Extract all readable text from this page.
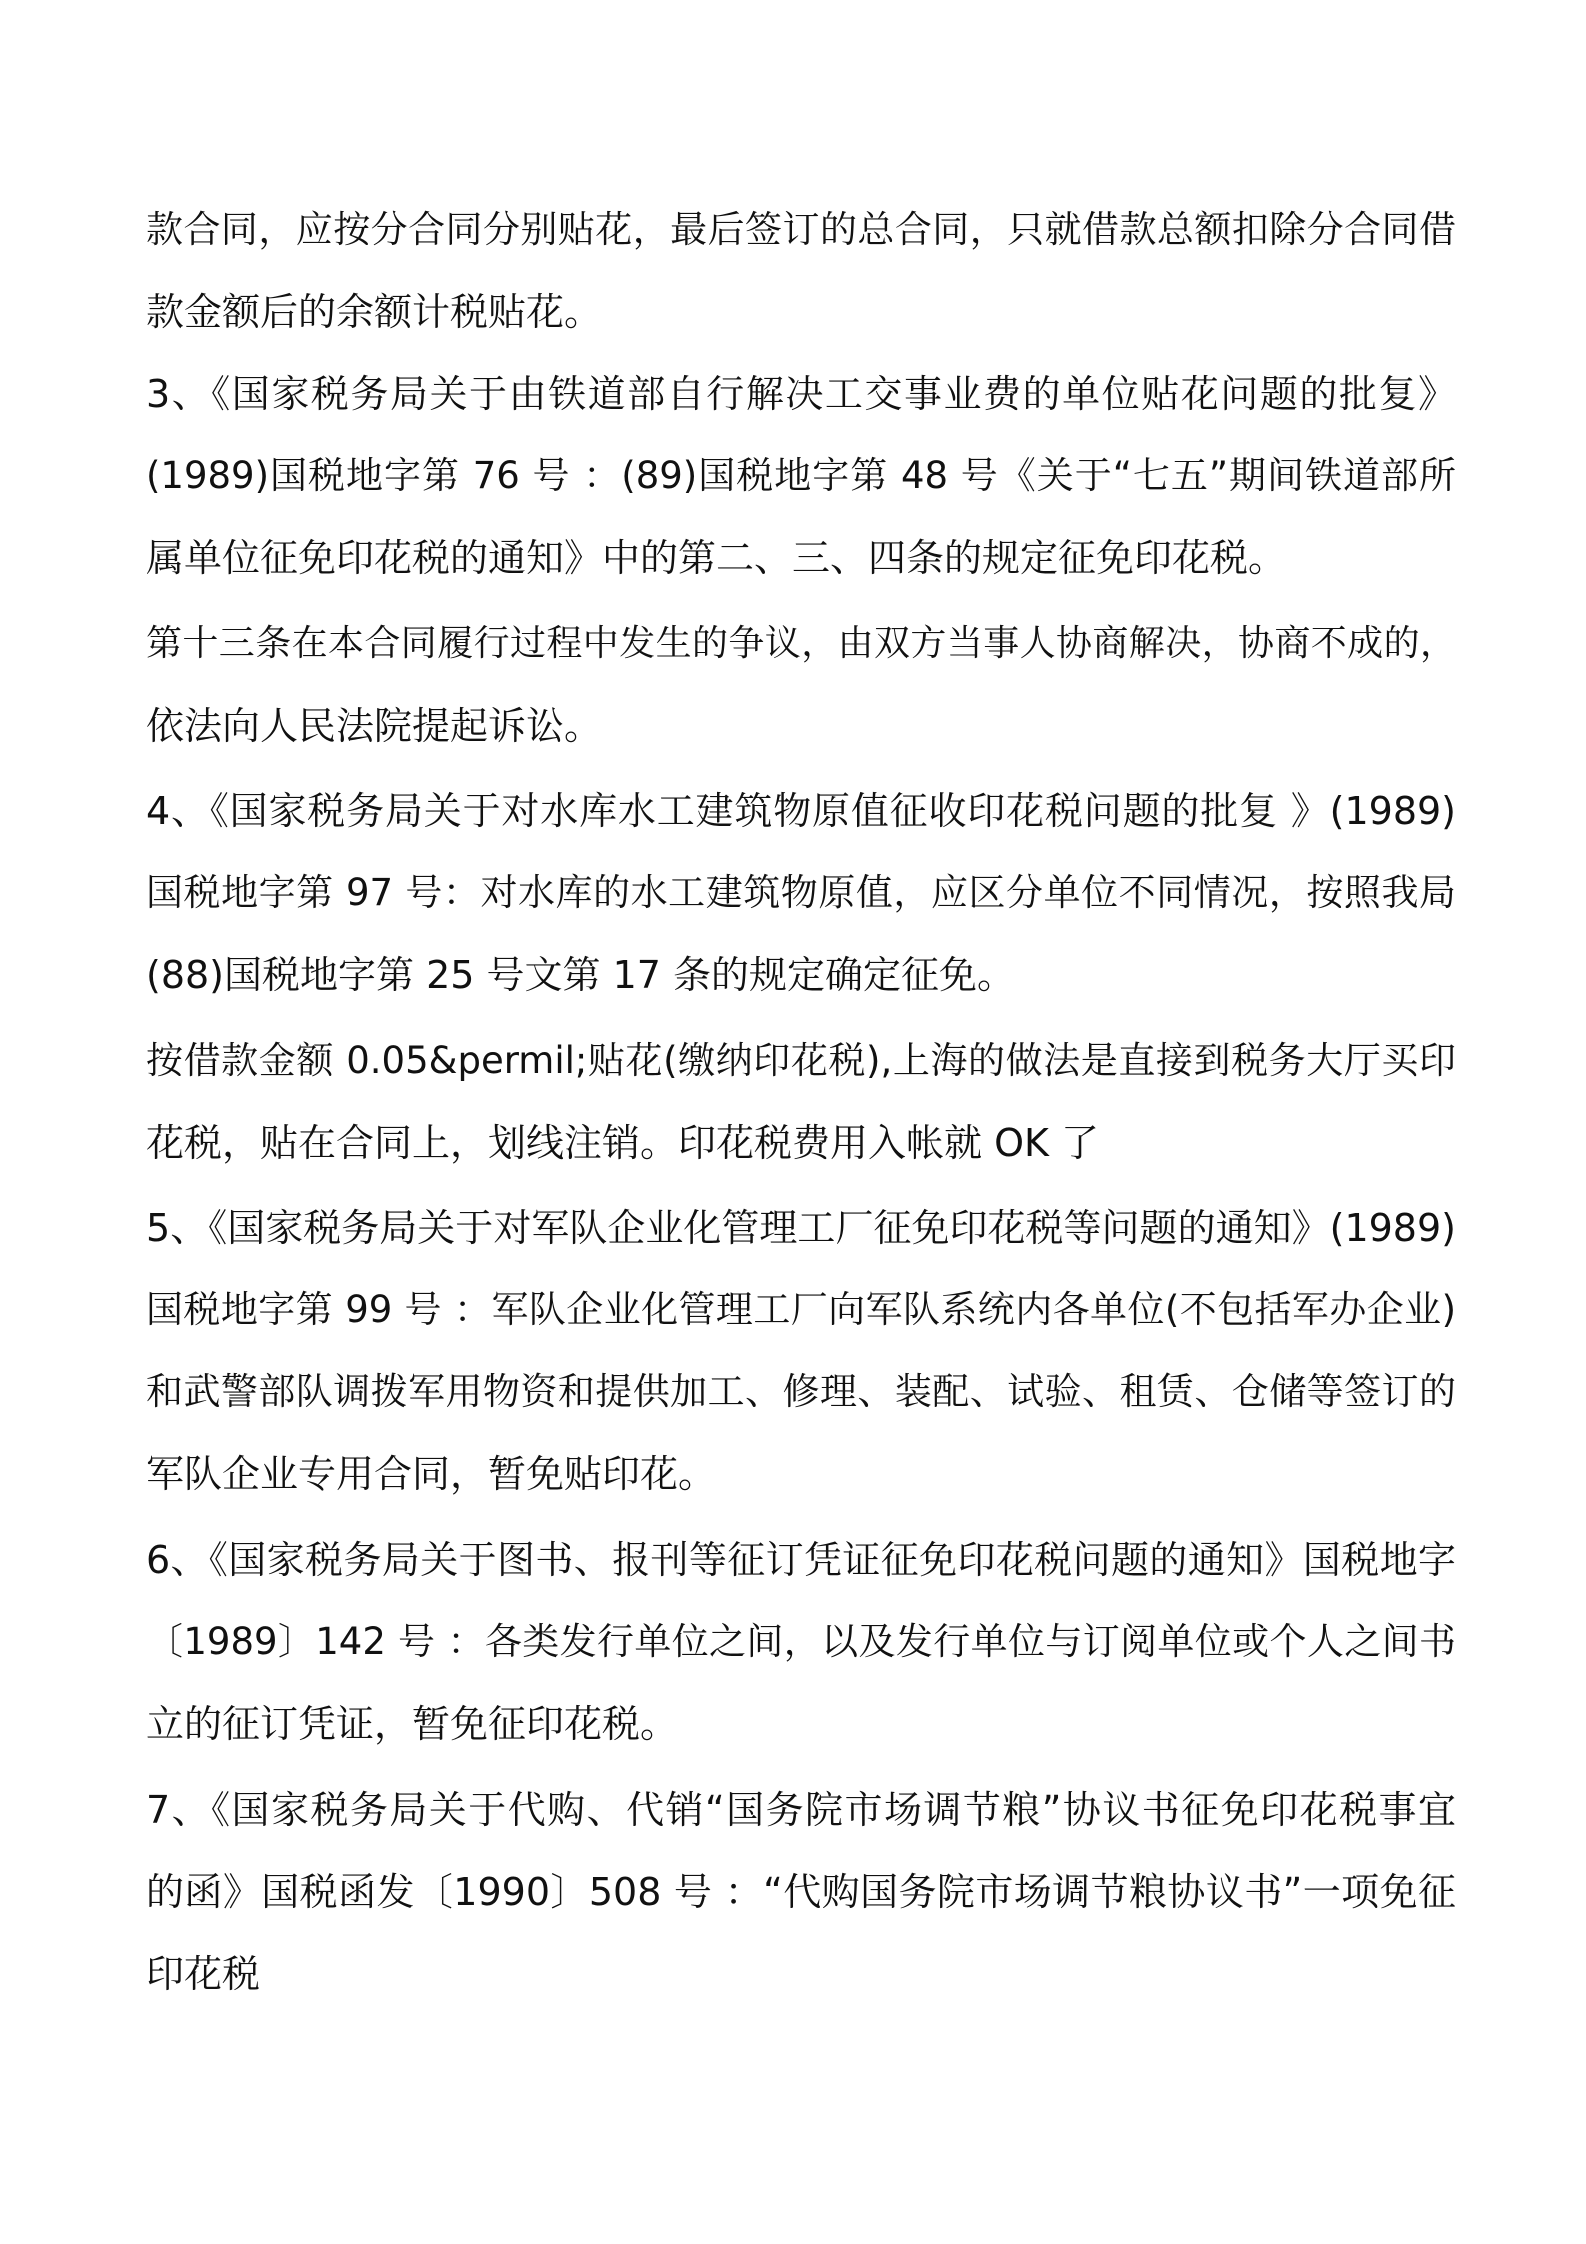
款合同，应按分合同分别贴花，最后签订的总合同，只就借款总额扣除分合同借

款金额后的余额计税贴花。

3、《国家税务局关于由铁道部自行解决工交事业费的单位贴花问题的批复》

(1989)国税地字第 76 号 ：(89)国税地字第 48 号《关于“七五”期间铁道部所

属单位征免印花税的通知》中的第二、三、四条的规定征免印花税。

第十三条在本合同履行过程中发生的争议，由双方当事人协商解决，协商不成的，

依法向人民法院提起诉讼。

4、《国家税务局关于对水库水工建筑物原值征收印花税问题的批复 》(1989)

国税地字第 97 号：对水库的水工建筑物原值，应区分单位不同情况，按照我局

(88)国税地字第 25 号文第 17 条的规定确定征免。

按借款金额 0.05&permil;贴花(缴纳印花税),上海的做法是直接到税务大厅买印

花税，贴在合同上，划线注销。印花税费用入帐就 OK 了

5、《国家税务局关于对军队企业化管理工厂征免印花税等问题的通知》(1989)

国税地字第 99 号 ：军队企业化管理工厂向军队系统内各单位(不包括军办企业)

和武警部队调拨军用物资和提供加工、修理、装配、试验、租赁、仓储等签订的

军队企业专用合同，暂免贴印花。

6、《国家税务局关于图书、报刊等征订凭证征免印花税问题的通知》国税地字

〔1989〕142 号 ：各类发行单位之间，以及发行单位与订阅单位或个人之间书

立的征订凭证，暂免征印花税。

7、《国家税务局关于代购、代销“国务院市场调节粮”协议书征免印花税事宜

的函》国税函发〔1990〕508 号 ：“代购国务院市场调节粮协议书”一项免征

印花税
